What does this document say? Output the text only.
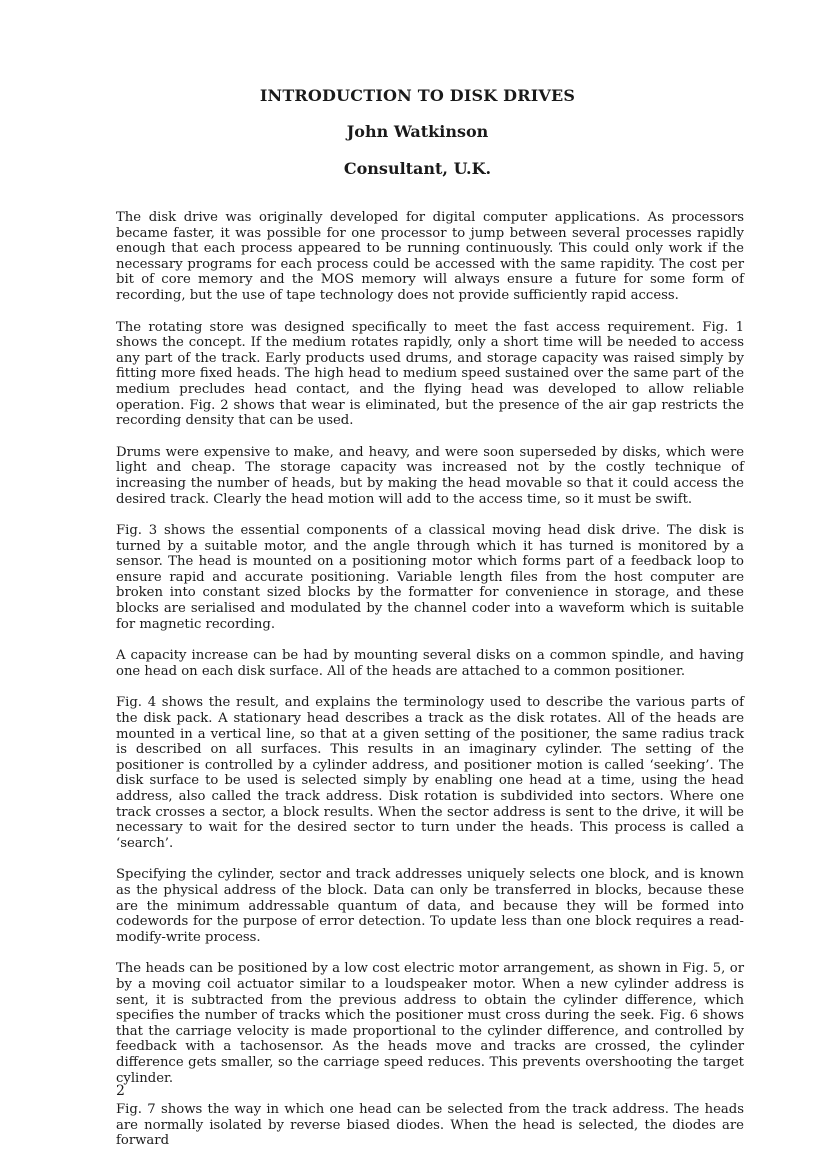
INTRODUCTION TO DISK DRIVES
John Watkinson
Consultant, U.K.

The disk drive was originally developed for digital computer applications. As processors became faster, it was possible for one processor to jump between several processes rapidly enough that each process appeared to be running continuously. This could only work if the necessary programs for each process could be accessed with the same rapidity. The cost per bit of core memory and the MOS memory will always ensure a future for some form of recording, but the use of tape technology does not provide sufficiently rapid access.

The rotating store was designed specifically to meet the fast access requirement. Fig. 1 shows the concept. If the medium rotates rapidly, only a short time will be needed to access any part of the track. Early products used drums, and storage capacity was raised simply by fitting more fixed heads. The high head to medium speed sustained over the same part of the medium precludes head contact, and the flying head was developed to allow reliable operation. Fig. 2 shows that wear is eliminated, but the presence of the air gap restricts the recording density that can be used.

Drums were expensive to make, and heavy, and were soon superseded by disks, which were light and cheap. The storage capacity was increased not by the costly technique of increasing the number of heads, but by making the head movable so that it could access the desired track. Clearly the head motion will add to the access time, so it must be swift.

Fig. 3 shows the essential components of a classical moving head disk drive. The disk is turned by a suitable motor, and the angle through which it has turned is monitored by a sensor. The head is mounted on a positioning motor which forms part of a feedback loop to ensure rapid and accurate positioning. Variable length files from the host computer are broken into constant sized blocks by the formatter for convenience in storage, and these blocks are serialised and modulated by the channel coder into a waveform which is suitable for magnetic recording.

A capacity increase can be had by mounting several disks on a common spindle, and having one head on each disk surface. All of the heads are attached to a common positioner.

Fig. 4 shows the result, and explains the terminology used to describe the various parts of the disk pack. A stationary head describes a track as the disk rotates. All of the heads are mounted in a vertical line, so that at a given setting of the positioner, the same radius track is described on all surfaces. This results in an imaginary cylinder. The setting of the positioner is controlled by a cylinder address, and positioner motion is called ‘seeking’. The disk surface to be used is selected simply by enabling one head at a time, using the head address, also called the track address. Disk rotation is subdivided into sectors. Where one track crosses a sector, a block results. When the sector address is sent to the drive, it will be necessary to wait for the desired sector to turn under the heads. This process is called a ‘search’.

Specifying the cylinder, sector and track addresses uniquely selects one block, and is known as the physical address of the block. Data can only be transferred in blocks, because these are the minimum addressable quantum of data, and because they will be formed into codewords for the purpose of error detection. To update less than one block requires a read-modify-write process.

The heads can be positioned by a low cost electric motor arrangement, as shown in Fig. 5, or by a moving coil actuator similar to a loudspeaker motor. When a new cylinder address is sent, it is subtracted from the previous address to obtain the cylinder difference, which specifies the number of tracks which the positioner must cross during the seek. Fig. 6 shows that the carriage velocity is made proportional to the cylinder difference, and controlled by feedback with a tachosensor. As the heads move and tracks are crossed, the cylinder difference gets smaller, so the carriage speed reduces. This prevents overshooting the target cylinder.

Fig. 7 shows the way in which one head can be selected from the track address. The heads are normally isolated by reverse biased diodes. When the head is selected, the diodes are forward

2
